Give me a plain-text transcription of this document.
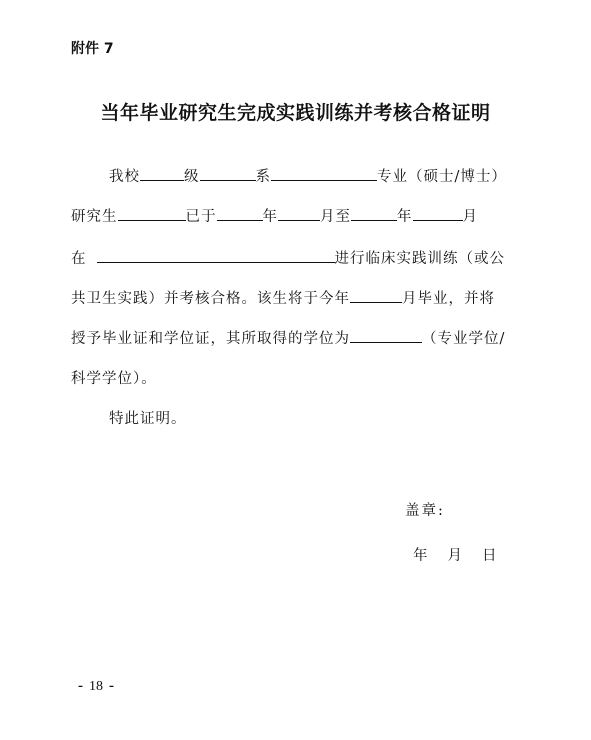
附件 7
当年毕业研究生完成实践训练并考核合格证明
我校	级	系	专业（硕士/博士）
研究生	已于	年	月至	年	月
在	进行临床实践训练（或公
共卫生实践）并考核合格。该生将于今年	月毕业，并将
授予毕业证和学位证，其所取得的学位为	（专业学位/
科学学位）。
特此证明。
盖章:
年 月 日
- 18 -
